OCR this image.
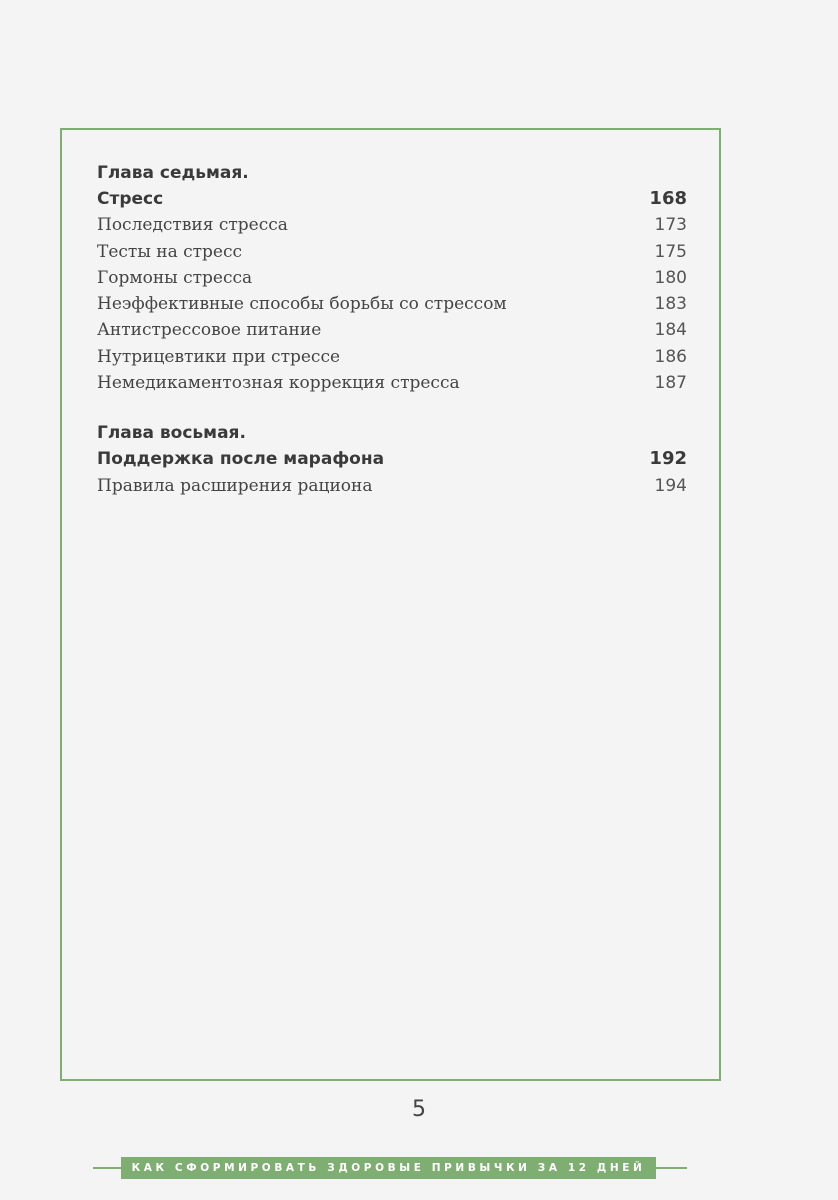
Глава седьмая.
Стресс	168
Последствия стресса	173
Тесты на стресс	175
Гормоны стресса	180
Неэффективные способы борьбы со стрессом	183
Антистрессовое питание	184
Нутрицевтики при стрессе	186
Немедикаментозная коррекция стресса	187
Глава восьмая.
Поддержка после марафона	192
Правила расширения рациона	194
5
КАК СФОРМИРОВАТЬ ЗДОРОВЫЕ ПРИВЫЧКИ ЗА 12 ДНЕЙ
